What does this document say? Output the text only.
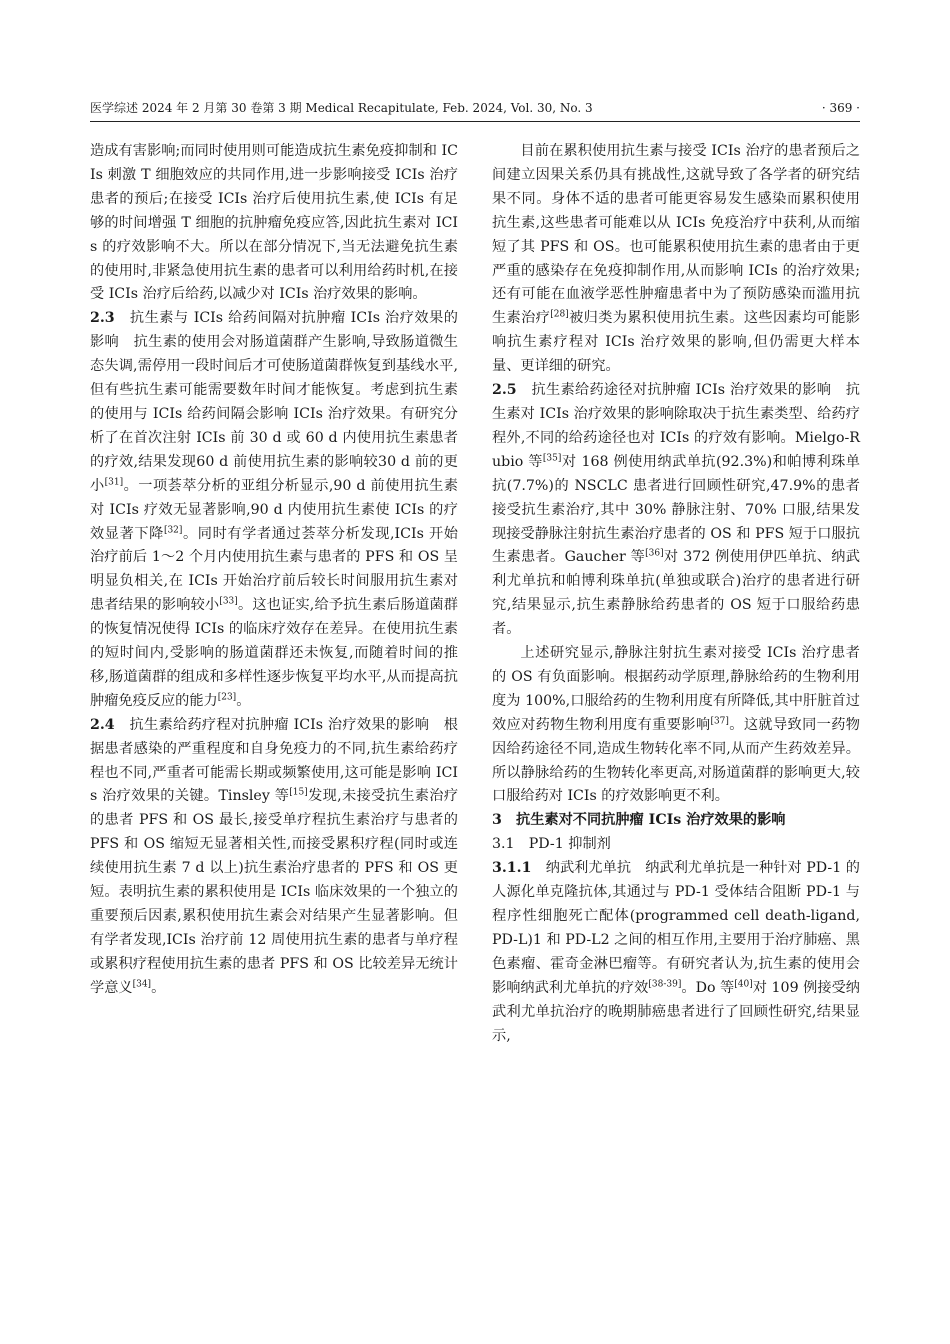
医学综述 2024 年 2 月第 30 卷第 3 期 Medical Recapitulate, Feb. 2024, Vol. 30, No. 3	· 369 ·

造成有害影响;而同时使用则可能造成抗生素免疫抑制和 ICIs 刺激 T 细胞效应的共同作用,进一步影响接受 ICIs 治疗患者的预后;在接受 ICIs 治疗后使用抗生素,使 ICIs 有足够的时间增强 T 细胞的抗肿瘤免疫应答,因此抗生素对 ICIs 的疗效影响不大。所以在部分情况下,当无法避免抗生素的使用时,非紧急使用抗生素的患者可以利用给药时机,在接受 ICIs 治疗后给药,以减少对 ICIs 治疗效果的影响。

2.3　 抗生素与 ICIs 给药间隔对抗肿瘤 ICIs 治疗效果的影响　 抗生素的使用会对肠道菌群产生影响,导致肠道微生态失调,需停用一段时间后才可使肠道菌群恢复到基线水平,但有些抗生素可能需要数年时间才能恢复。考虑到抗生素的使用与 ICIs 给药间隔会影响 ICIs 治疗效果。有研究分析了在首次注射 ICIs 前 30 d 或 60 d 内使用抗生素患者的疗效,结果发现60 d 前使用抗生素的影响较30 d 前的更小[31]。一项荟萃分析的亚组分析显示,90 d 前使用抗生素对 ICIs 疗效无显著影响,90 d 内使用抗生素使 ICIs 的疗效显著下降[32]。同时有学者通过荟萃分析发现,ICIs 开始治疗前后 1～2 个月内使用抗生素与患者的 PFS 和 OS 呈明显负相关,在 ICIs 开始治疗前后较长时间服用抗生素对患者结果的影响较小[33]。这也证实,给予抗生素后肠道菌群的恢复情况使得 ICIs 的临床疗效存在差异。在使用抗生素的短时间内,受影响的肠道菌群还未恢复,而随着时间的推移,肠道菌群的组成和多样性逐步恢复平均水平,从而提高抗肿瘤免疫反应的能力[23]。

2.4　 抗生素给药疗程对抗肿瘤 ICIs 治疗效果的影响　 根据患者感染的严重程度和自身免疫力的不同,抗生素给药疗程也不同,严重者可能需长期或频繁使用,这可能是影响 ICIs 治疗效果的关键。Tinsley 等[15]发现,未接受抗生素治疗的患者 PFS 和 OS 最长,接受单疗程抗生素治疗与患者的 PFS 和 OS 缩短无显著相关性,而接受累积疗程(同时或连续使用抗生素 7 d 以上)抗生素治疗患者的 PFS 和 OS 更短。表明抗生素的累积使用是 ICIs 临床效果的一个独立的重要预后因素,累积使用抗生素会对结果产生显著影响。但有学者发现,ICIs 治疗前 12 周使用抗生素的患者与单疗程或累积疗程使用抗生素的患者 PFS 和 OS 比较差异无统计学意义[34]。

目前在累积使用抗生素与接受 ICIs 治疗的患者预后之间建立因果关系仍具有挑战性,这就导致了各学者的研究结果不同。身体不适的患者可能更容易发生感染而累积使用抗生素,这些患者可能难以从 ICIs 免疫治疗中获利,从而缩短了其 PFS 和 OS。也可能累积使用抗生素的患者由于更严重的感染存在免疫抑制作用,从而影响 ICIs 的治疗效果;还有可能在血液学恶性肿瘤患者中为了预防感染而滥用抗生素治疗[28]被归类为累积使用抗生素。这些因素均可能影响抗生素疗程对 ICIs 治疗效果的影响,但仍需更大样本量、更详细的研究。

2.5　 抗生素给药途径对抗肿瘤 ICIs 治疗效果的影响　 抗生素对 ICIs 治疗效果的影响除取决于抗生素类型、给药疗程外,不同的给药途径也对 ICIs 的疗效有影响。Mielgo-Rubio 等[35]对 168 例使用纳武单抗(92.3%)和帕博利珠单抗(7.7%)的 NSCLC 患者进行回顾性研究,47.9%的患者接受抗生素治疗,其中 30% 静脉注射、70% 口服,结果发现接受静脉注射抗生素治疗患者的 OS 和 PFS 短于口服抗生素患者。Gaucher 等[36]对 372 例使用伊匹单抗、纳武利尤单抗和帕博利珠单抗(单独或联合)治疗的患者进行研究,结果显示,抗生素静脉给药患者的 OS 短于口服给药患者。

上述研究显示,静脉注射抗生素对接受 ICIs 治疗患者的 OS 有负面影响。根据药动学原理,静脉给药的生物利用度为 100%,口服给药的生物利用度有所降低,其中肝脏首过效应对药物生物利用度有重要影响[37]。这就导致同一药物因给药途径不同,造成生物转化率不同,从而产生药效差异。所以静脉给药的生物转化率更高,对肠道菌群的影响更大,较口服给药对 ICIs 的疗效影响更不利。

3　抗生素对不同抗肿瘤 ICIs 治疗效果的影响

3.1　PD-1 抑制剂

3.1.1　 纳武利尤单抗　 纳武利尤单抗是一种针对 PD-1 的人源化单克隆抗体,其通过与 PD-1 受体结合阻断 PD-1 与程序性细胞死亡配体(programmed cell death-ligand, PD-L)1 和 PD-L2 之间的相互作用,主要用于治疗肺癌、黑色素瘤、霍奇金淋巴瘤等。有研究者认为,抗生素的使用会影响纳武利尤单抗的疗效[38-39]。Do 等[40]对 109 例接受纳武利尤单抗治疗的晚期肺癌患者进行了回顾性研究,结果显示,
